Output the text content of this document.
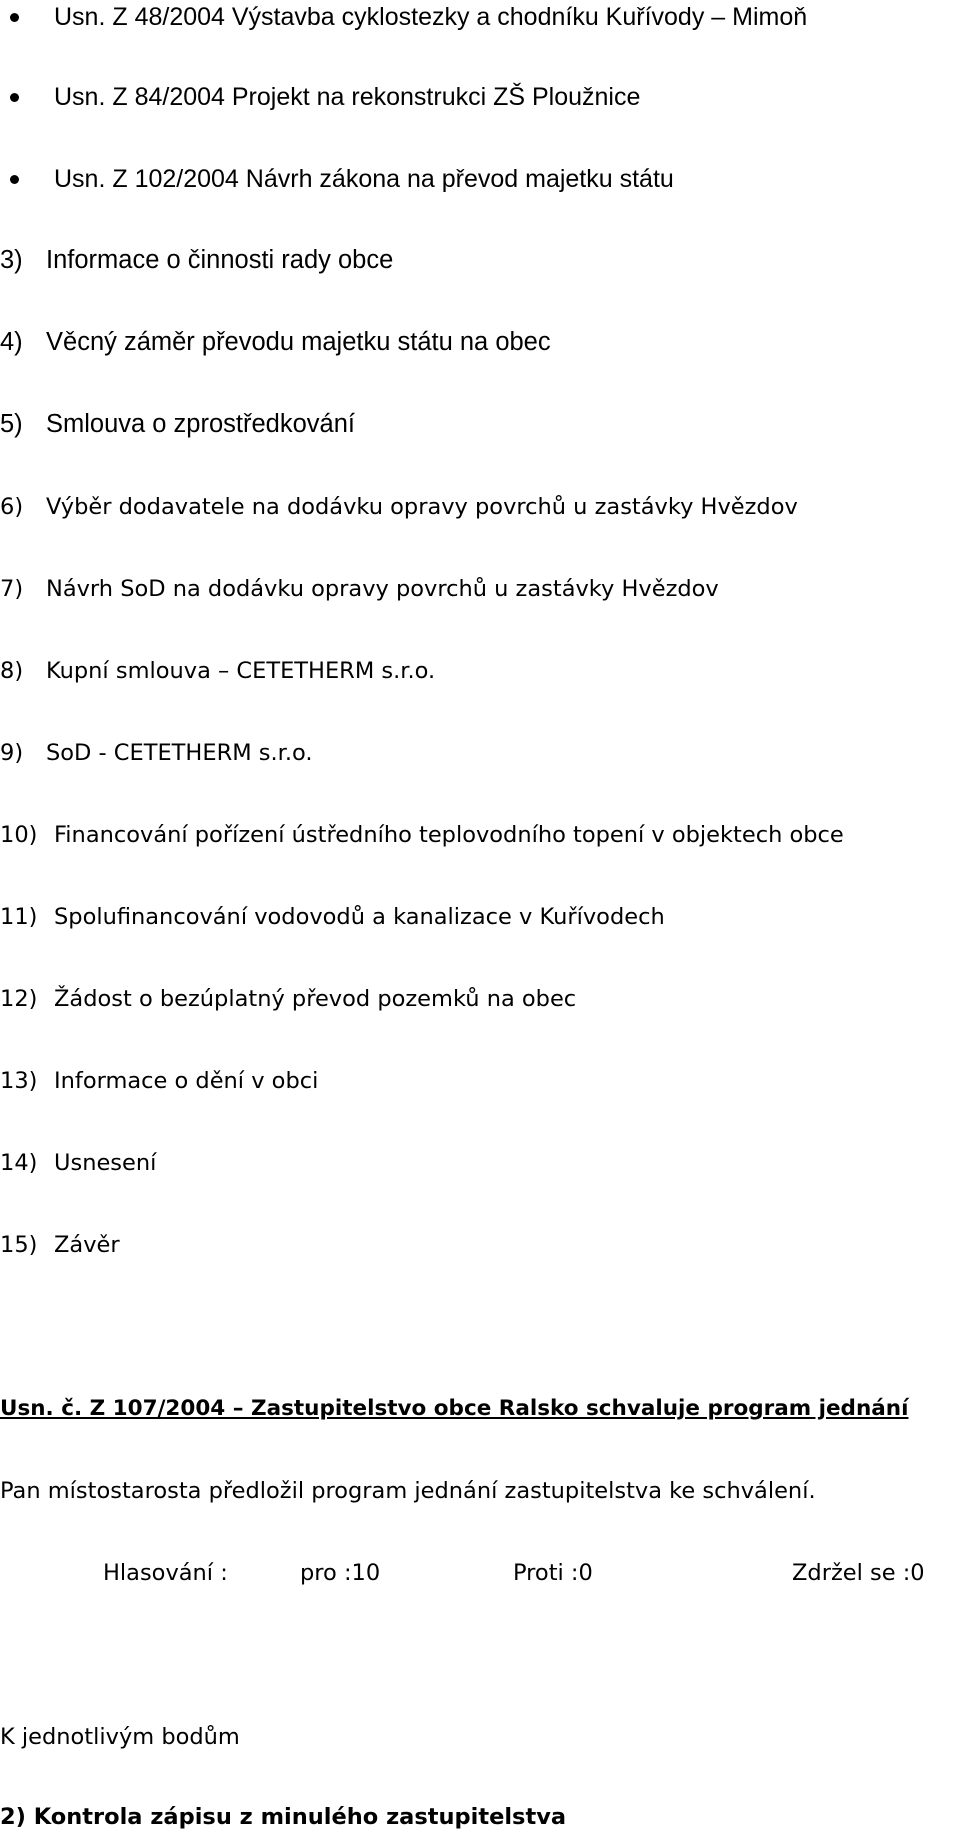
Usn. Z 48/2004 Výstavba cyklostezky a chodníku Kuřívody – Mimoň
Usn. Z 84/2004 Projekt na rekonstrukci ZŠ Ploužnice
Usn. Z 102/2004 Návrh zákona na převod majetku státu
3) Informace o činnosti rady obce
4) Věcný záměr převodu majetku státu na obec
5) Smlouva o zprostředkování
6) Výběr dodavatele na dodávku opravy povrchů u zastávky Hvězdov
7) Návrh SoD na dodávku opravy povrchů u zastávky Hvězdov
8) Kupní smlouva – CETETHERM s.r.o.
9) SoD - CETETHERM s.r.o.
10) Financování pořízení ústředního teplovodního topení v objektech obce
11) Spolufinancování vodovodů a kanalizace v Kuřívodech
12) Žádost o bezúplatný převod pozemků na obec
13) Informace o dění v obci
14) Usnesení
15) Závěr
Usn. č. Z 107/2004 – Zastupitelstvo obce Ralsko schvaluje program jednání
Pan místostarosta předložil program jednání zastupitelstva ke schválení.
Hlasování :	pro :10	Proti :0	Zdržel se :0
K jednotlivým bodům
2) Kontrola zápisu z minulého zastupitelstva
